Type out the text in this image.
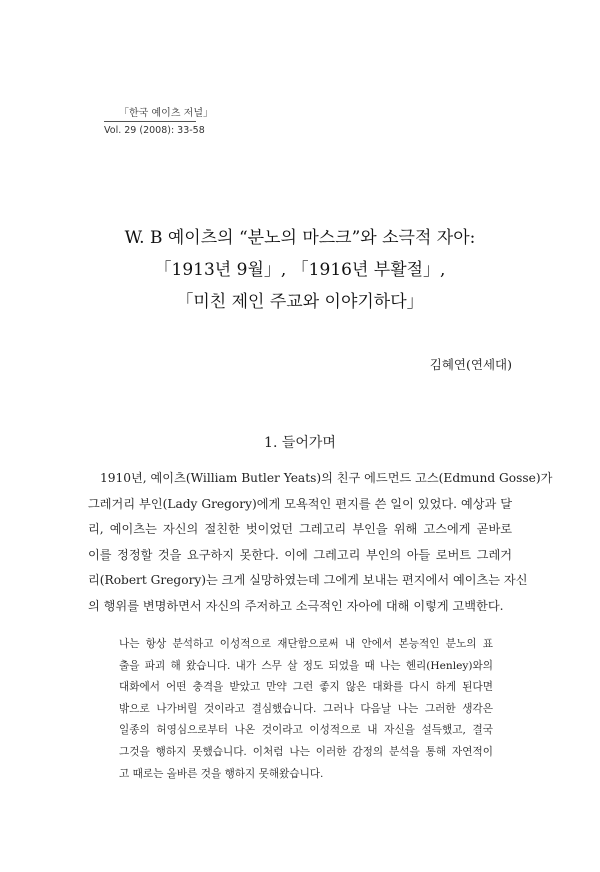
「한국 예이츠 저널」
Vol. 29 (2008): 33-58
W. B 예이츠의 “분노의 마스크”와 소극적 자아:
「1913년 9월」, 「1916년 부활절」,
「미친 제인 주교와 이야기하다」
김혜연(연세대)
1. 들어가며
1910년, 예이츠(William Butler Yeats)의 친구 에드먼드 고스(Edmund Gosse)가
그레거리 부인(Lady Gregory)에게 모욕적인 편지를 쓴 일이 있었다. 예상과 달
리, 예이츠는 자신의 절친한 벗이었던 그레고리 부인을 위해 고스에게 곧바로
이를 정정할 것을 요구하지 못한다. 이에 그레고리 부인의 아들 로버트 그레거
리(Robert Gregory)는 크게 실망하였는데 그에게 보내는 편지에서 예이츠는 자신
의 행위를 변명하면서 자신의 주저하고 소극적인 자아에 대해 이렇게 고백한다.
나는 항상 분석하고 이성적으로 재단함으로써 내 안에서 본능적인 분노의 표
출을 파괴 해 왔습니다. 내가 스무 살 정도 되었을 때 나는 헨리(Henley)와의
대화에서 어떤 충격을 받았고 만약 그런 좋지 않은 대화를 다시 하게 된다면
밖으로 나가버릴 것이라고 결심했습니다. 그러나 다음날 나는 그러한 생각은
일종의 허영심으로부터 나온 것이라고 이성적으로 내 자신을 설득했고, 결국
그것을 행하지 못했습니다. 이처럼 나는 이러한 감정의 분석을 통해 자연적이
고 때로는 올바른 것을 행하지 못해왔습니다.
